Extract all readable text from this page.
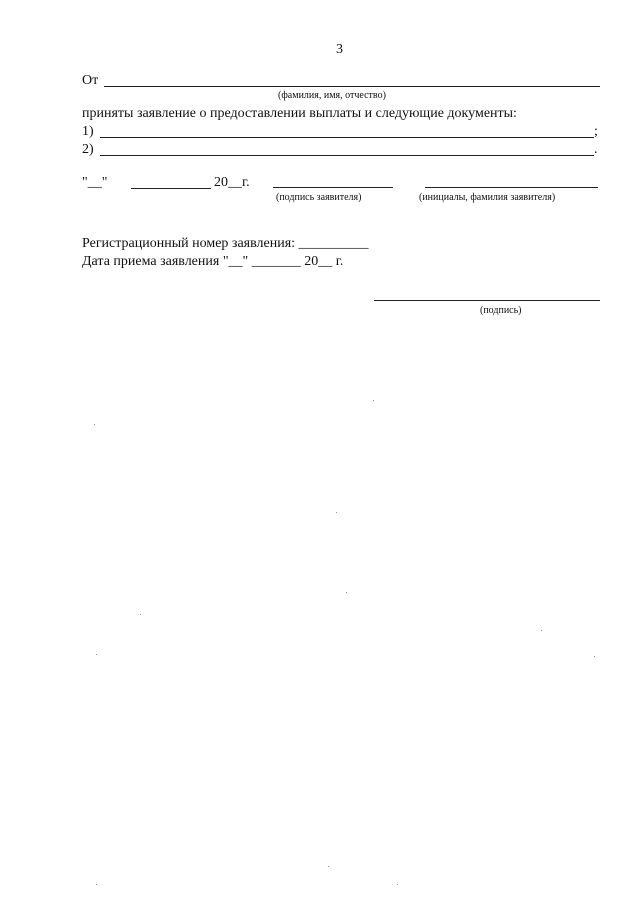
3
От
(фамилия, имя, отчество)
приняты заявление о предоставлении выплаты и следующие документы:
1)	;
2)	.
"__"	20__г.
(подпись заявителя)	(инициалы, фамилия заявителя)
Регистрационный номер заявления: __________
Дата приема заявления "__" _______ 20__ г.
(подпись)
